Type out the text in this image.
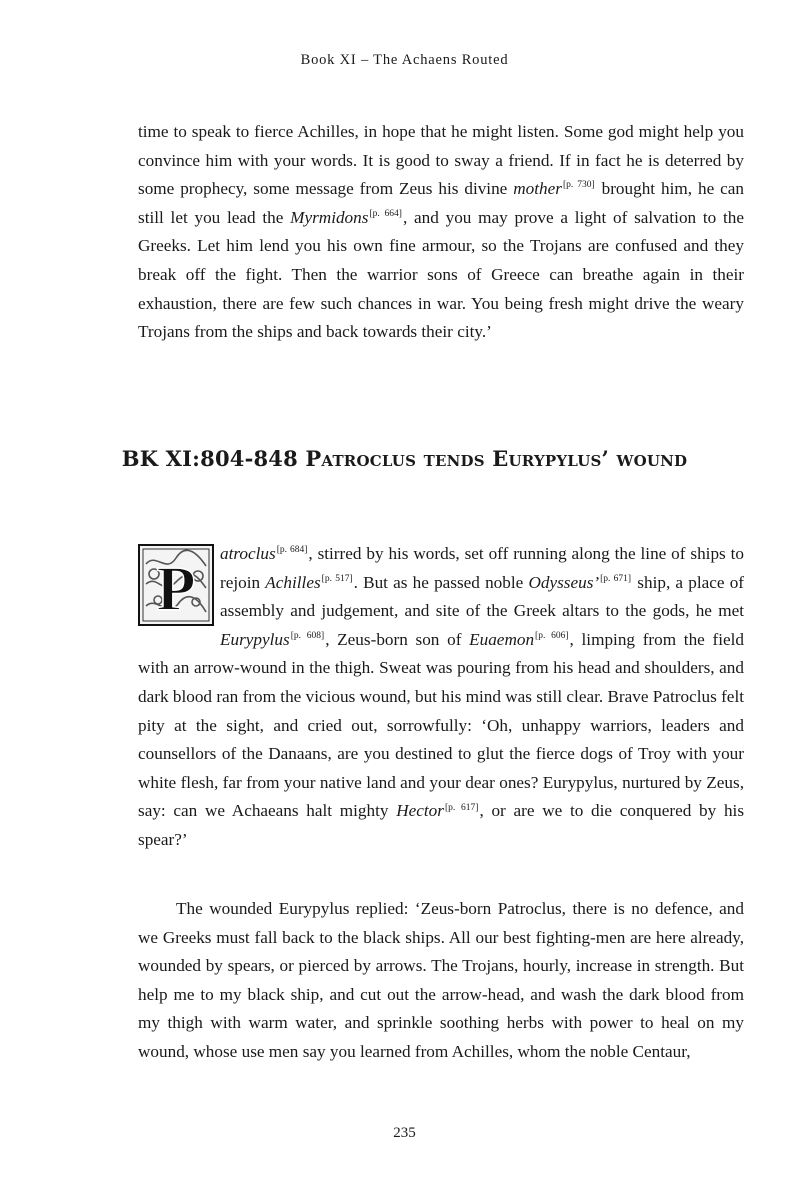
Book XI – The Achaens Routed

time to speak to fierce Achilles, in hope that he might listen. Some god might help you convince him with your words. It is good to sway a friend. If in fact he is deterred by some prophecy, some message from Zeus his divine mother[p. 730] brought him, he can still let you lead the Myrmidons[p. 664], and you may prove a light of salvation to the Greeks. Let him lend you his own fine armour, so the Trojans are confused and they break off the fight. Then the warrior sons of Greece can breathe again in their exhaustion, there are few such chances in war. You being fresh might drive the weary Trojans from the ships and back towards their city.’

BK XI:804-848 Patroclus tends Eurypylus’ wound

P atroclus[p. 684], stirred by his words, set off running along the line of ships to rejoin Achilles[p. 517]. But as he passed noble Odysseus’[p. 671] ship, a place of assembly and judgement, and site of the Greek altars to the gods, he met Eurypylus[p. 608], Zeus-born son of Euaemon[p. 606], limping from the field with an arrow-wound in the thigh. Sweat was pouring from his head and shoulders, and dark blood ran from the vicious wound, but his mind was still clear. Brave Patroclus felt pity at the sight, and cried out, sorrowfully: ‘Oh, unhappy warriors, leaders and counsellors of the Danaans, are you destined to glut the fierce dogs of Troy with your white flesh, far from your native land and your dear ones? Eurypylus, nurtured by Zeus, say: can we Achaeans halt mighty Hector[p. 617], or are we to die conquered by his spear?’

The wounded Eurypylus replied: ‘Zeus-born Patroclus, there is no defence, and we Greeks must fall back to the black ships. All our best fighting-men are here already, wounded by spears, or pierced by arrows. The Trojans, hourly, increase in strength. But help me to my black ship, and cut out the arrow-head, and wash the dark blood from my thigh with warm water, and sprinkle soothing herbs with power to heal on my wound, whose use men say you learned from Achilles, whom the noble Centaur,

235
